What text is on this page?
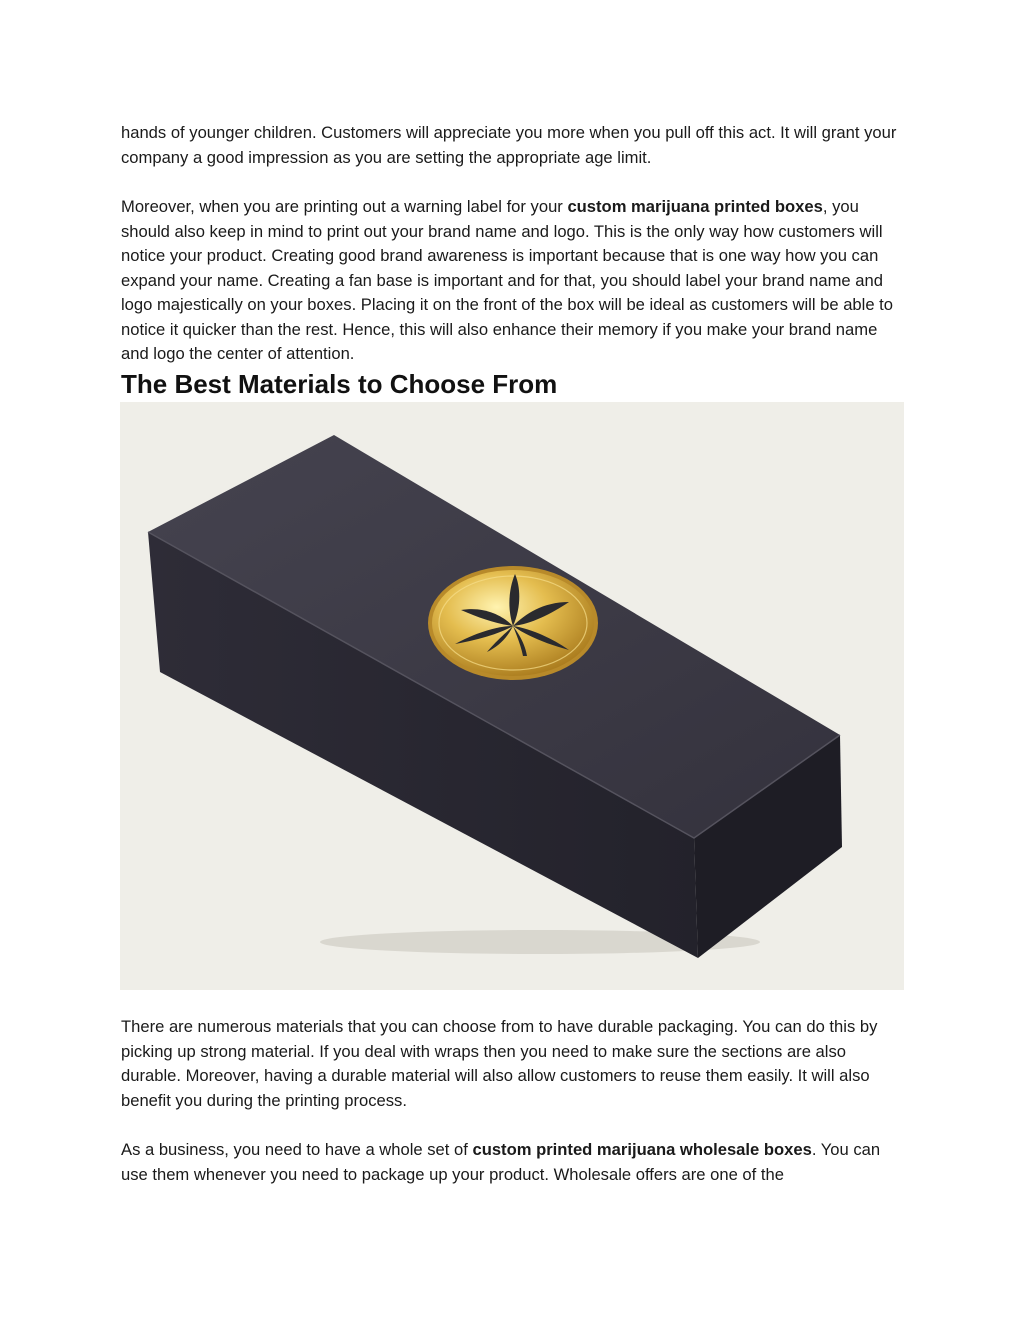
hands of younger children. Customers will appreciate you more when you pull off this act. It will grant your company a good impression as you are setting the appropriate age limit.

Moreover, when you are printing out a warning label for your custom marijuana printed boxes, you should also keep in mind to print out your brand name and logo. This is the only way how customers will notice your product. Creating good brand awareness is important because that is one way how you can expand your name. Creating a fan base is important and for that, you should label your brand name and logo majestically on your boxes. Placing it on the front of the box will be ideal as customers will be able to notice it quicker than the rest. Hence, this will also enhance their memory if you make your brand name and logo the center of attention.

The Best Materials to Choose From

There are numerous materials that you can choose from to have durable packaging. You can do this by picking up strong material. If you deal with wraps then you need to make sure the sections are also durable. Moreover, having a durable material will also allow customers to reuse them easily. It will also benefit you during the printing process.

As a business, you need to have a whole set of custom printed marijuana wholesale boxes. You can use them whenever you need to package up your product. Wholesale offers are one of the
